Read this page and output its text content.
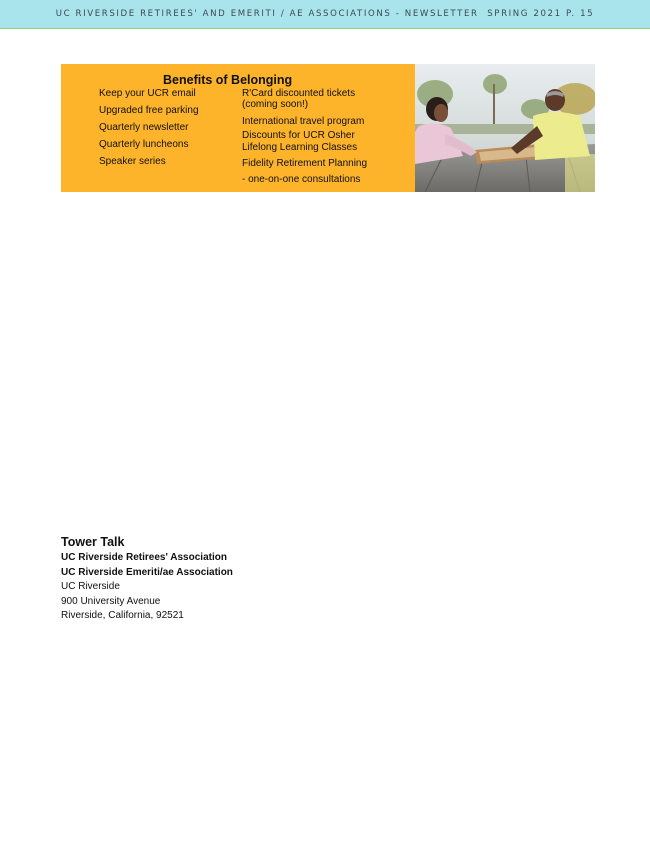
UC RIVERSIDE RETIREES' AND EMERITI / AE ASSOCIATIONS - NEWSLETTER  SPRING 2021 P. 15
Benefits of Belonging
Keep your UCR email
Upgraded free parking
Quarterly newsletter
Quarterly luncheons
Speaker series
R'Card discounted tickets
(coming soon!)
International travel program
Discounts for UCR Osher
Lifelong Learning Classes
Fidelity Retirement Planning
- one-on-one consultations
Tower Talk
UC Riverside Retirees' Association
UC Riverside Emeriti/ae Association
UC Riverside
900 University Avenue
Riverside, California, 92521
